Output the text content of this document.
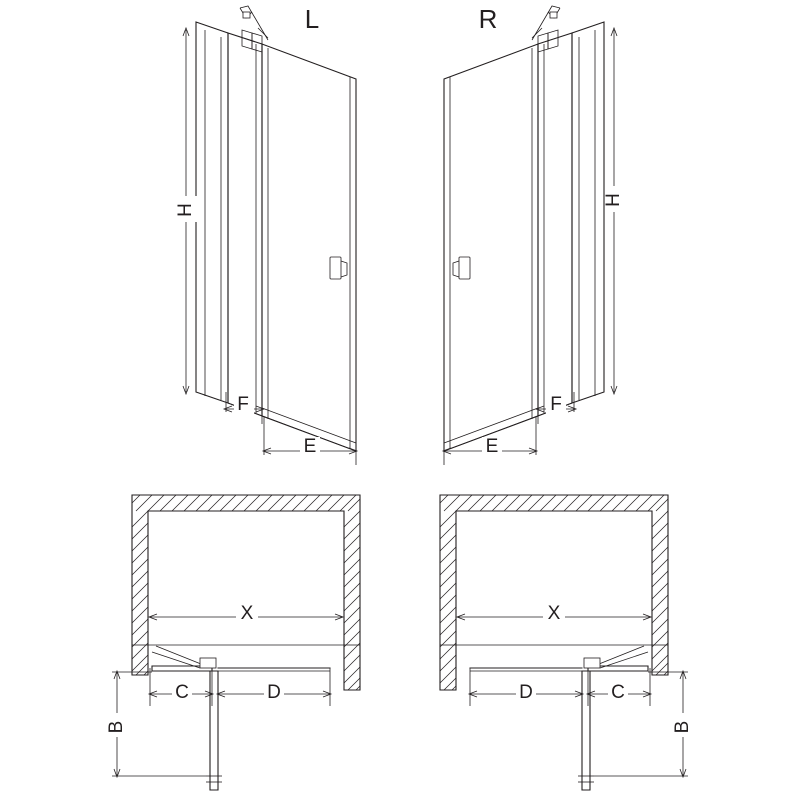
H
F
E
L
H
F
E
R
X
C	D
B
X
C
D
B
